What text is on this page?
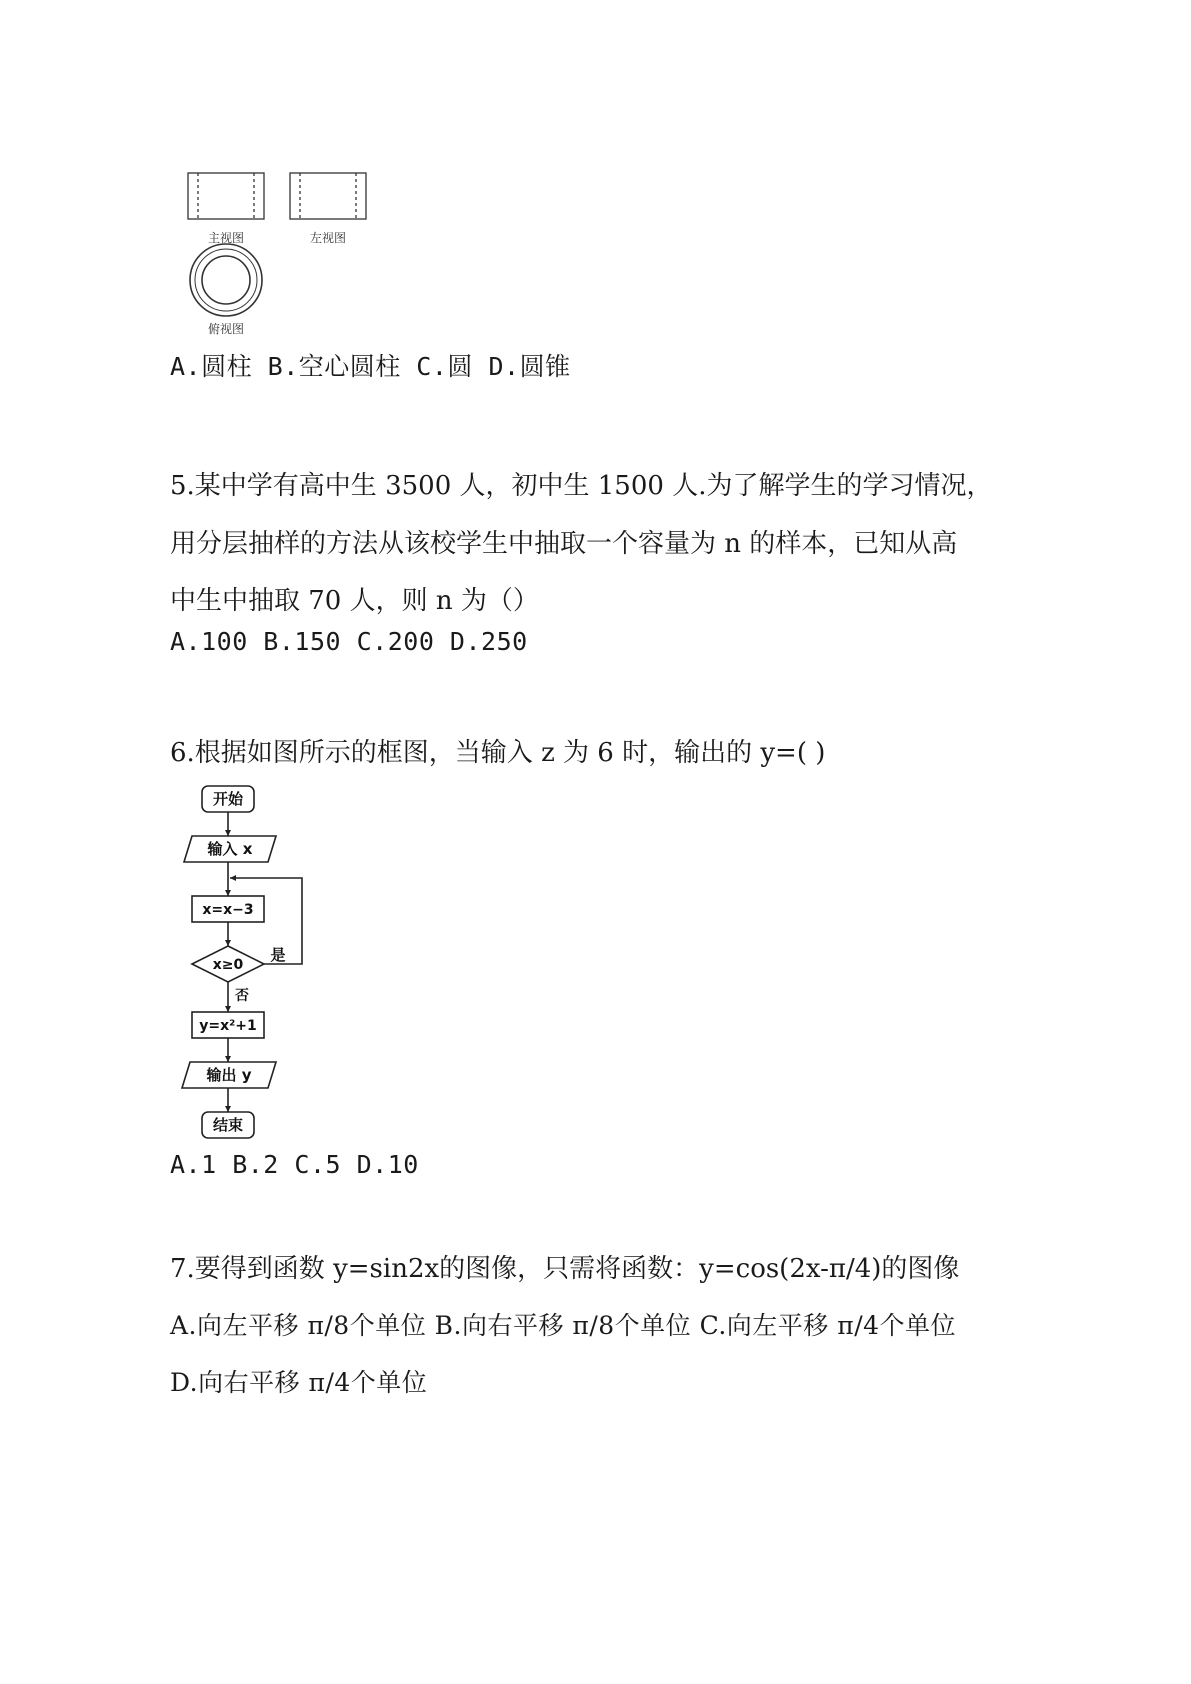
主视图	左视图
俯视图
A.圆柱 B.空心圆柱 C.圆 D.圆锥
5.某中学有高中生 3500 人，初中生 1500 人.为了解学生的学习情况，
用分层抽样的方法从该校学生中抽取一个容量为 n 的样本，已知从高
中生中抽取 70 人，则 n 为（）
A.100 B.150 C.200 D.250
6.根据如图所示的框图，当输入 z 为 6 时，输出的 y=( )
开始
输入 x
x=x−3
x≥0
是
否
y=x²+1
输出 y
结束
A.1 B.2 C.5 D.10
7.要得到函数 y=sin2x的图像，只需将函数：y=cos(2x-π/4)的图像
A.向左平移 π/8个单位 B.向右平移 π/8个单位 C.向左平移 π/4个单位
D.向右平移 π/4个单位
